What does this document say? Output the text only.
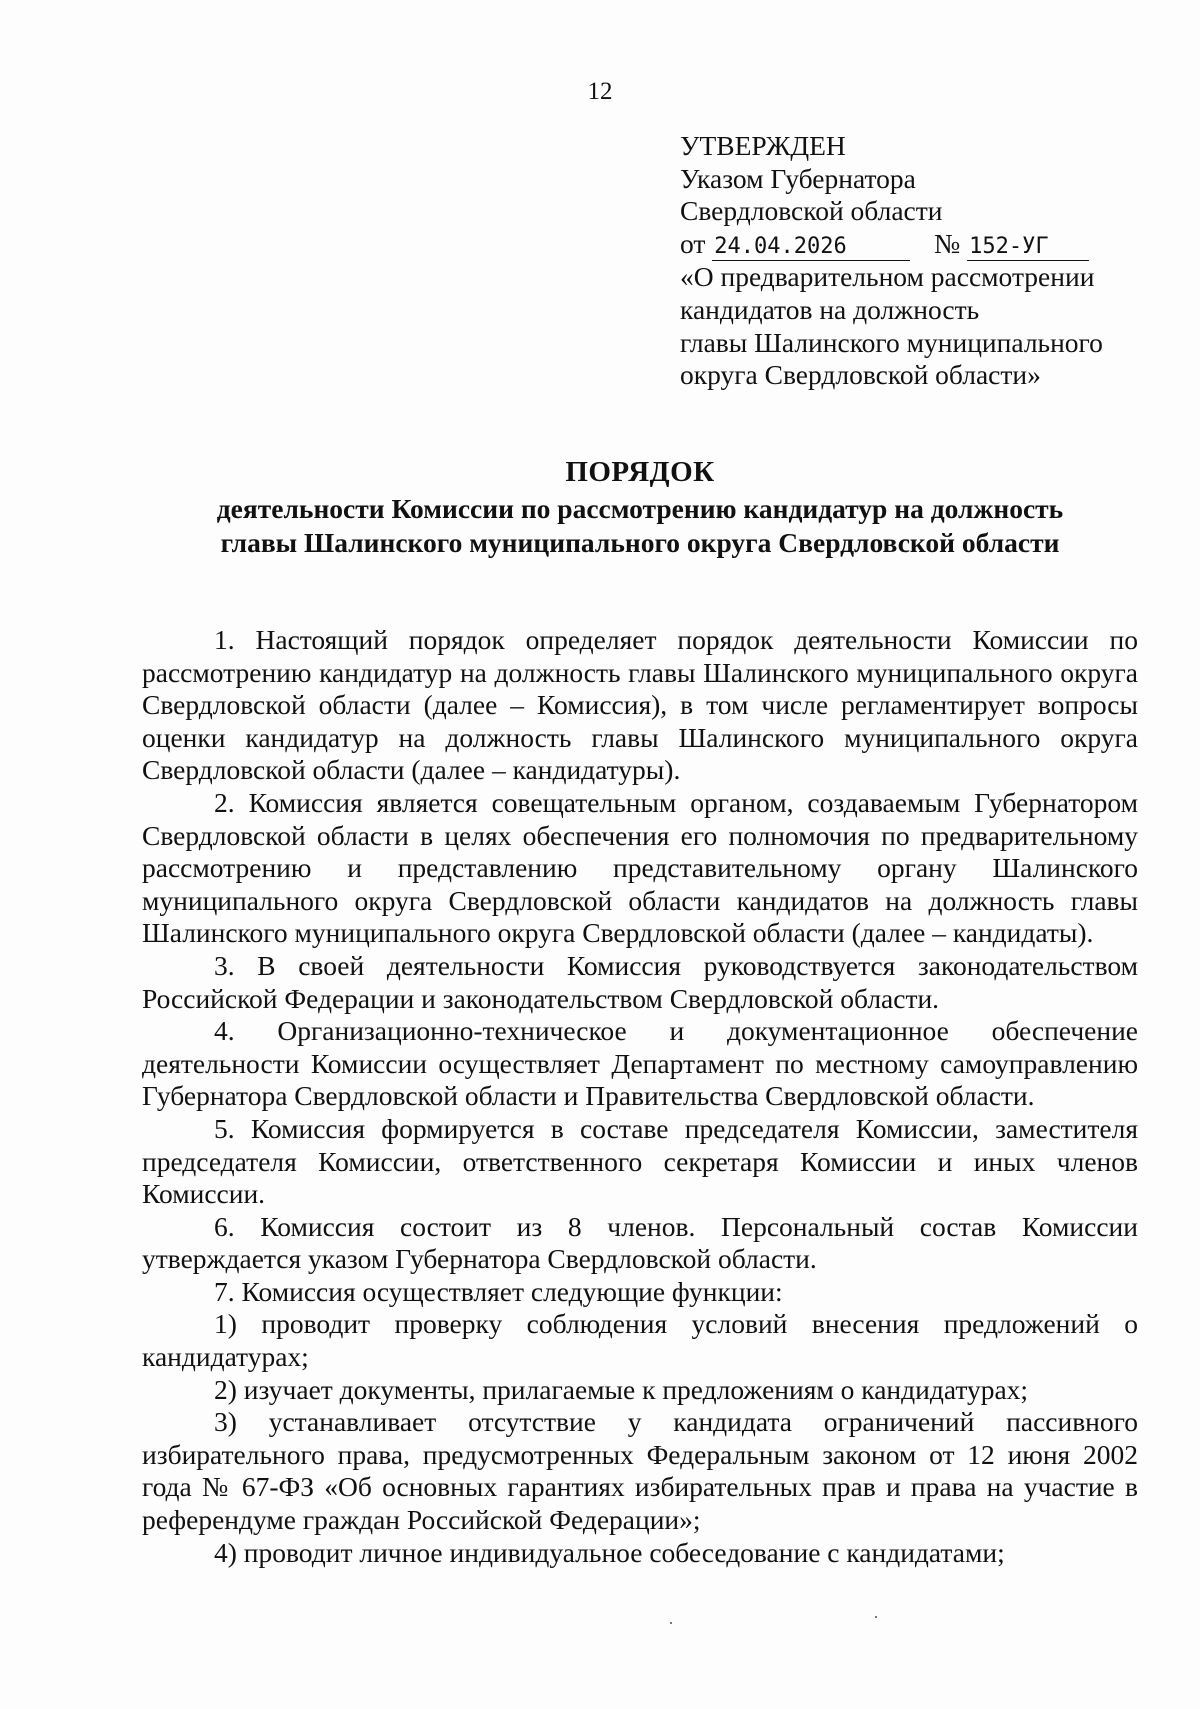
12
УТВЕРЖДЕН
Указом Губернатора
Свердловской области
от 24.04.2026	№ 152-УГ
«О предварительном рассмотрении
кандидатов на должность
главы Шалинского муниципального
округа Свердловской области»
ПОРЯДОК
деятельности Комиссии по рассмотрению кандидатур на должность
главы Шалинского муниципального округа Свердловской области

1. Настоящий порядок определяет порядок деятельности Комиссии по рассмотрению кандидатур на должность главы Шалинского муниципального округа Свердловской области (далее – Комиссия), в том числе регламентирует вопросы оценки кандидатур на должность главы Шалинского муниципального округа Свердловской области (далее – кандидатуры).

2. Комиссия является совещательным органом, создаваемым Губернатором Свердловской области в целях обеспечения его полномочия по предварительному рассмотрению и представлению представительному органу Шалинского муниципального округа Свердловской области кандидатов на должность главы Шалинского муниципального округа Свердловской области (далее – кандидаты).

3. В своей деятельности Комиссия руководствуется законодательством Российской Федерации и законодательством Свердловской области.

4. Организационно-техническое и документационное обеспечение деятельности Комиссии осуществляет Департамент по местному самоуправлению Губернатора Свердловской области и Правительства Свердловской области.

5. Комиссия формируется в составе председателя Комиссии, заместителя председателя Комиссии, ответственного секретаря Комиссии и иных членов Комиссии.

6. Комиссия состоит из 8 членов. Персональный состав Комиссии утверждается указом Губернатора Свердловской области.

7. Комиссия осуществляет следующие функции:

1) проводит проверку соблюдения условий внесения предложений о кандидатурах;

2) изучает документы, прилагаемые к предложениям о кандидатурах;

3) устанавливает отсутствие у кандидата ограничений пассивного избирательного права, предусмотренных Федеральным законом от 12 июня 2002 года № 67-ФЗ «Об основных гарантиях избирательных прав и права на участие в референдуме граждан Российской Федерации»;

4) проводит личное индивидуальное собеседование с кандидатами;
